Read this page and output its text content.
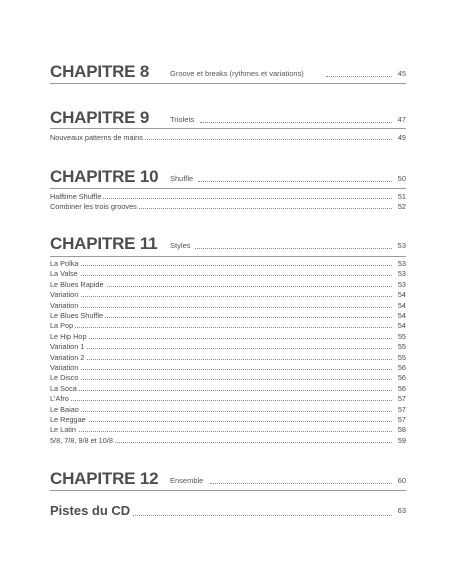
CHAPITRE 8	Groove et breaks (rythmes et variations)	45
CHAPITRE 9	Triolets	47
Nouveaux patterns de mains	49
CHAPITRE 10 Shuffle	50
Halftime Shuffle	51
Combiner les trois grooves	52
CHAPITRE 11 Styles	53
La Polka	53
La Valse	53
Le Blues Rapide	53
Variation	54
Variation	54
Le Blues Shuffle	54
La Pop	54
Le Hip Hop	55
Variation 1	55
Variation 2	55
Variation	56
Le Disco	56
La Soca	56
L'Afro	57
Le Baiao	57
Le Reggae	57
Le Latin	58
5/8, 7/8, 9/8 et 10/8	59
CHAPITRE 12 Ensemble	60
Pistes du CD	63
